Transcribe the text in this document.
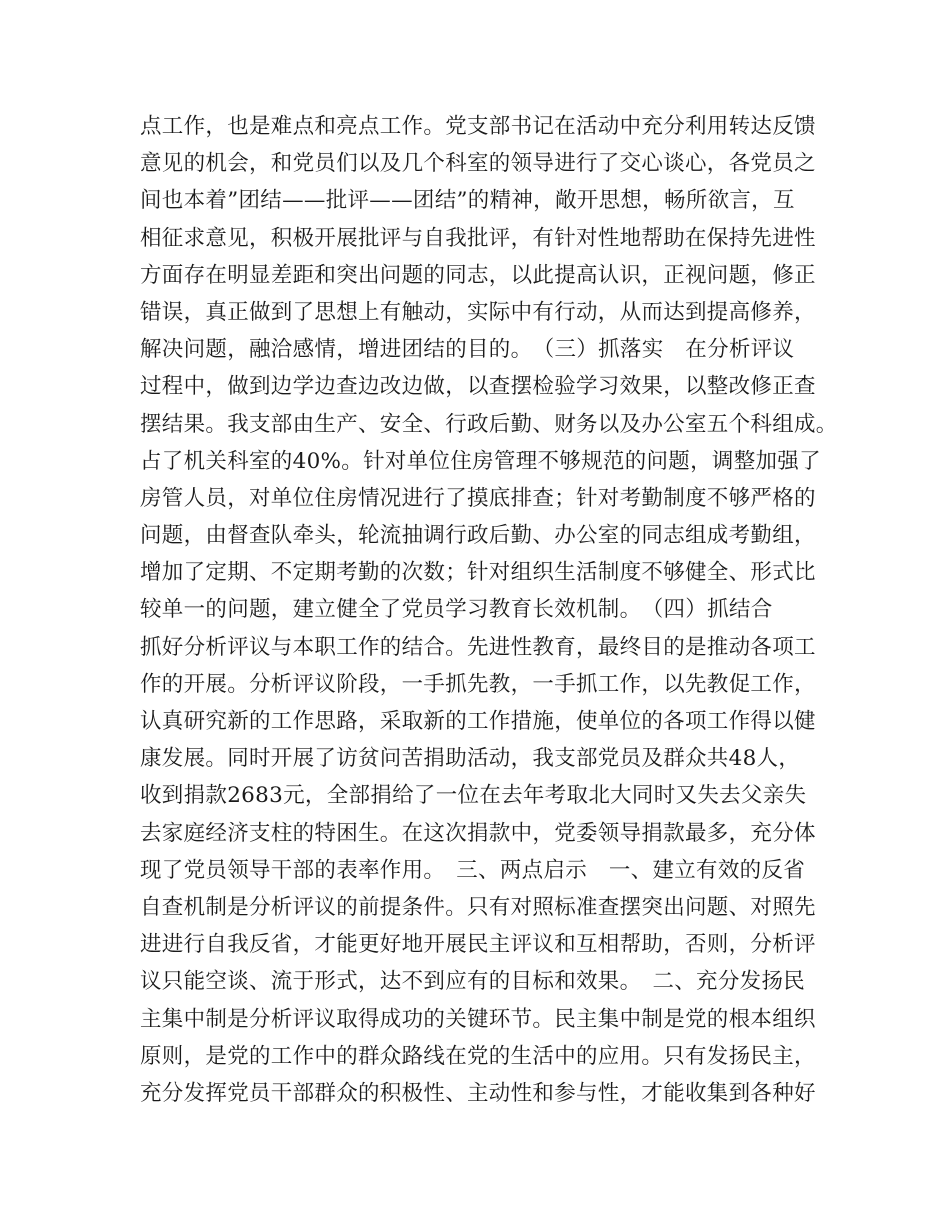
点工作，也是难点和亮点工作。党支部书记在活动中充分利用转达反馈
意见的机会，和党员们以及几个科室的领导进行了交心谈心，各党员之
间也本着”团结——批评——团结”的精神，敞开思想，畅所欲言，互
相征求意见，积极开展批评与自我批评，有针对性地帮助在保持先进性
方面存在明显差距和突出问题的同志，以此提高认识，正视问题，修正
错误，真正做到了思想上有触动，实际中有行动，从而达到提高修养，
解决问题，融洽感情，增进团结的目的。　（三）抓落实　在分析评议
过程中，做到边学边查边改边做，以查摆检验学习效果，以整改修正查
摆结果。我支部由生产、安全、行政后勤、财务以及办公室五个科组成。
占了机关科室的40%。针对单位住房管理不够规范的问题，调整加强了
房管人员，对单位住房情况进行了摸底排查；针对考勤制度不够严格的
问题，由督查队牵头，轮流抽调行政后勤、办公室的同志组成考勤组，
增加了定期、不定期考勤的次数；针对组织生活制度不够健全、形式比
较单一的问题，建立健全了党员学习教育长效机制。　（四）抓结合
抓好分析评议与本职工作的结合。先进性教育，最终目的是推动各项工
作的开展。分析评议阶段，一手抓先教，一手抓工作，以先教促工作，
认真研究新的工作思路，采取新的工作措施，使单位的各项工作得以健
康发展。同时开展了访贫问苦捐助活动，我支部党员及群众共48人，
收到捐款2683元，全部捐给了一位在去年考取北大同时又失去父亲失
去家庭经济支柱的特困生。在这次捐款中，党委领导捐款最多，充分体
现了党员领导干部的表率作用。　三、两点启示　一、建立有效的反省
自查机制是分析评议的前提条件。只有对照标准查摆突出问题、对照先
进进行自我反省，才能更好地开展民主评议和互相帮助，否则，分析评
议只能空谈、流于形式，达不到应有的目标和效果。　二、充分发扬民
主集中制是分析评议取得成功的关键环节。民主集中制是党的根本组织
原则，是党的工作中的群众路线在党的生活中的应用。只有发扬民主，
充分发挥党员干部群众的积极性、主动性和参与性，才能收集到各种好
